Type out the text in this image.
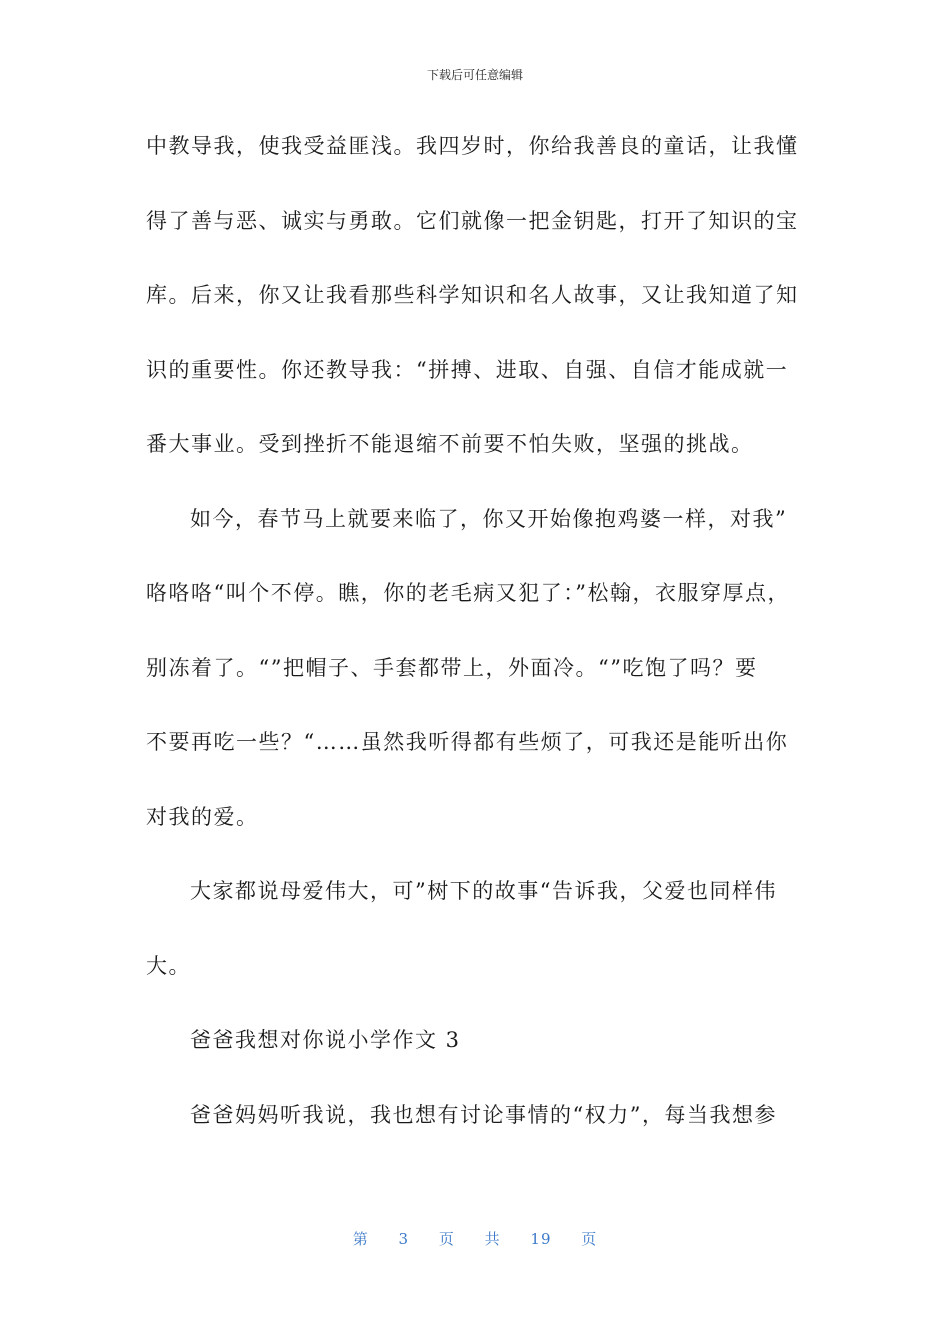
下载后可任意编辑
中教导我，使我受益匪浅。我四岁时，你给我善良的童话，让我懂
得了善与恶、诚实与勇敢。它们就像一把金钥匙，打开了知识的宝
库。后来，你又让我看那些科学知识和名人故事，又让我知道了知
识的重要性。你还教导我：“拼搏、进取、自强、自信才能成就一
番大事业。受到挫折不能退缩不前要不怕失败，坚强的挑战。
如今，春节马上就要来临了，你又开始像抱鸡婆一样，对我”
咯咯咯“叫个不停。瞧，你的老毛病又犯了：”松翰，衣服穿厚点，
别冻着了。“”把帽子、手套都带上，外面冷。“”吃饱了吗？要
不要再吃一些？“……虽然我听得都有些烦了，可我还是能听出你
对我的爱。
大家都说母爱伟大，可”树下的故事“告诉我，父爱也同样伟
大。
爸爸我想对你说小学作文 3
爸爸妈妈听我说，我也想有讨论事情的“权力”，每当我想参
第 3 页 共 19 页
